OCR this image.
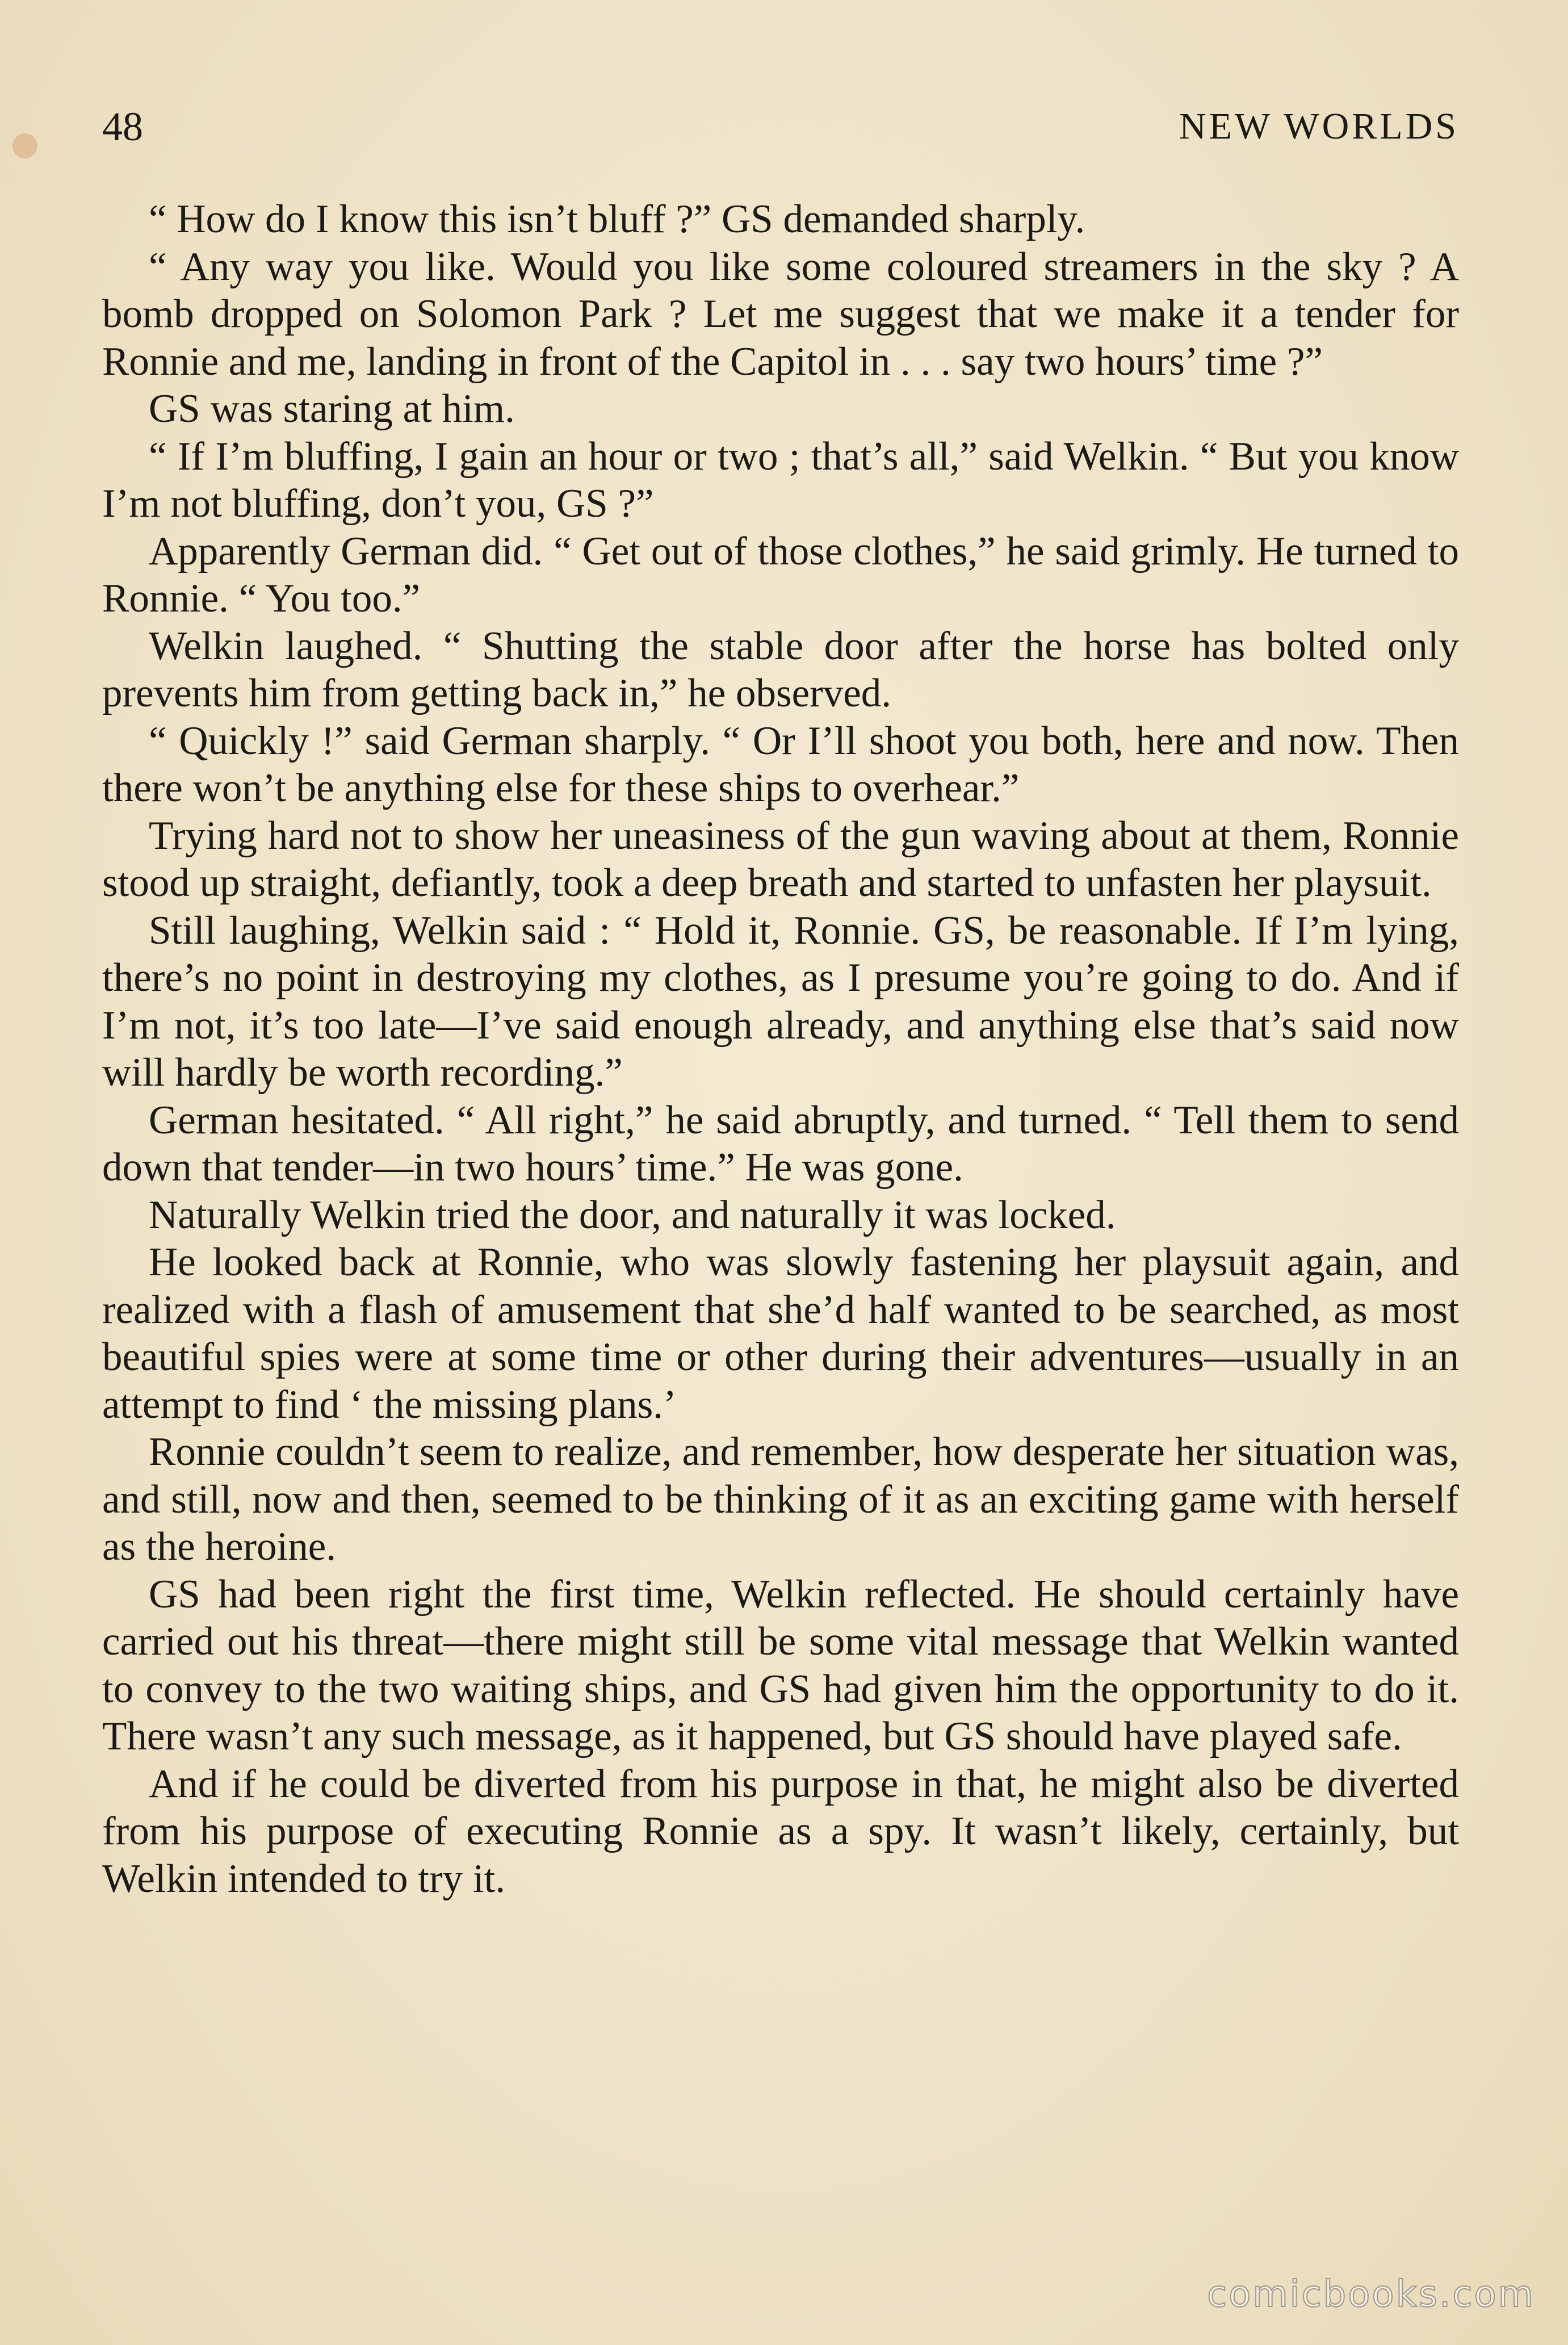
48	NEW WORLDS

“ How do I know this isn’t bluff ?” GS demanded sharply.

“ Any way you like. Would you like some coloured streamers in the sky ? A bomb dropped on Solomon Park ? Let me suggest that we make it a tender for Ronnie and me, landing in front of the Capitol in . . . say two hours’ time ?”

GS was staring at him.

“ If I’m bluffing, I gain an hour or two ; that’s all,” said Welkin. “ But you know I’m not bluffing, don’t you, GS ?”

Apparently German did. “ Get out of those clothes,” he said grimly. He turned to Ronnie. “ You too.”

Welkin laughed. “ Shutting the stable door after the horse has bolted only prevents him from getting back in,” he observed.

“ Quickly !” said German sharply. “ Or I’ll shoot you both, here and now. Then there won’t be anything else for these ships to overhear.”

Trying hard not to show her uneasiness of the gun waving about at them, Ronnie stood up straight, defiantly, took a deep breath and started to unfasten her playsuit.

Still laughing, Welkin said : “ Hold it, Ronnie. GS, be reasonable. If I’m lying, there’s no point in destroying my clothes, as I presume you’re going to do. And if I’m not, it’s too late—I’ve said enough already, and anything else that’s said now will hardly be worth recording.”

German hesitated. “ All right,” he said abruptly, and turned. “ Tell them to send down that tender—in two hours’ time.” He was gone.

Naturally Welkin tried the door, and naturally it was locked.

He looked back at Ronnie, who was slowly fastening her playsuit again, and realized with a flash of amusement that she’d half wanted to be searched, as most beautiful spies were at some time or other during their adventures—usually in an attempt to find ‘ the missing plans.’

Ronnie couldn’t seem to realize, and remember, how desperate her situation was, and still, now and then, seemed to be thinking of it as an exciting game with herself as the heroine.

GS had been right the first time, Welkin reflected. He should certainly have carried out his threat—there might still be some vital message that Welkin wanted to convey to the two waiting ships, and GS had given him the opportunity to do it. There wasn’t any such message, as it happened, but GS should have played safe.

And if he could be diverted from his purpose in that, he might also be diverted from his purpose of executing Ronnie as a spy. It wasn’t likely, certainly, but Welkin intended to try it.

comicbooks.com
